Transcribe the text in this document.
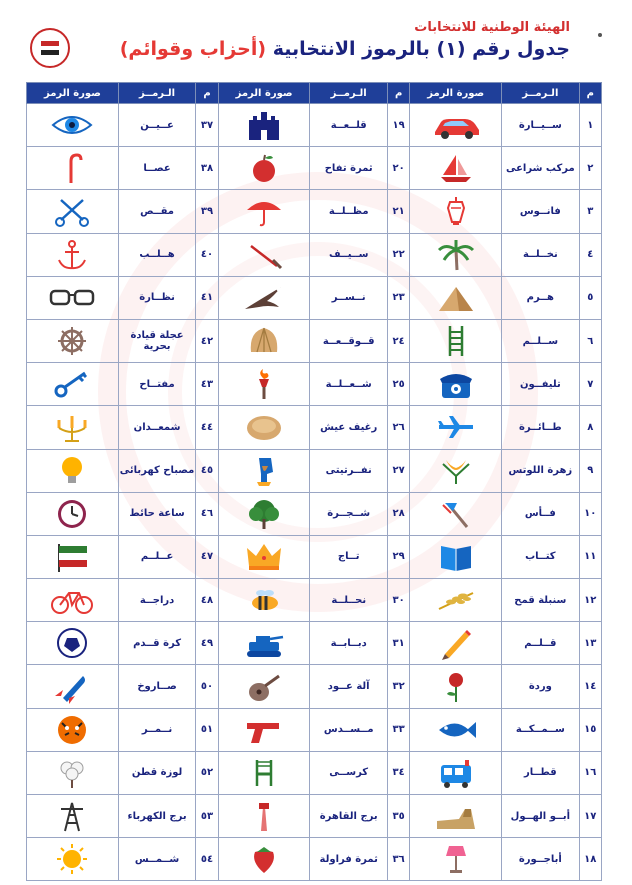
الهيئة الوطنية للانتخابات
جدول رقم (١) بالرموز الانتخابية (أحزاب وقوائم)
م	الـرمــز	صورة الرمز	م	الـرمــز	صورة الرمز	م	الـرمــز	صورة الرمز
١	ســيــارة		١٩	قلــعــة		٣٧	عــيــن	
٢	مركب شراعى		٢٠	ثمرة تفاح		٣٨	عصــا	
٣	فانــوس		٢١	مظــلــة		٣٩	مقــص	
٤	نخــلــة		٢٢	ســيــف		٤٠	هــلــب	
٥	هــرم		٢٣	نــســر		٤١	نظــارة	
٦	ســلــم		٢٤	قــوقــعــة		٤٢	عجلة قيادة بحرية	
٧	تليفــون		٢٥	شــعــلــة		٤٣	مفتــاح	
٨	طــائــرة		٢٦	رغيف عيش		٤٤	شمعــدان	
٩	زهرة اللوتس		٢٧	نفــرتيتى		٤٥	مصباح كهربائى	
١٠	فــأس		٢٨	شــجــرة		٤٦	ساعة حائط	
١١	كتــاب		٢٩	تــاج		٤٧	عــلــم	
١٢	سنبلة قمح		٣٠	نحــلــة		٤٨	دراجــة	
١٣	قــلــم		٣١	دبــابــة		٤٩	كرة قــدم	
١٤	وردة		٣٢	آلة عــود		٥٠	صــاروخ	
١٥	ســمــكــة		٣٣	مــســدس		٥١	نــمــر	
١٦	قطــار		٣٤	كرســى		٥٢	لوزة قطن	
١٧	أبــو الهــول		٣٥	برج القاهرة		٥٣	برج الكهرباء	
١٨	أباجــورة		٣٦	ثمرة فراولة		٥٤	شــمــس	
